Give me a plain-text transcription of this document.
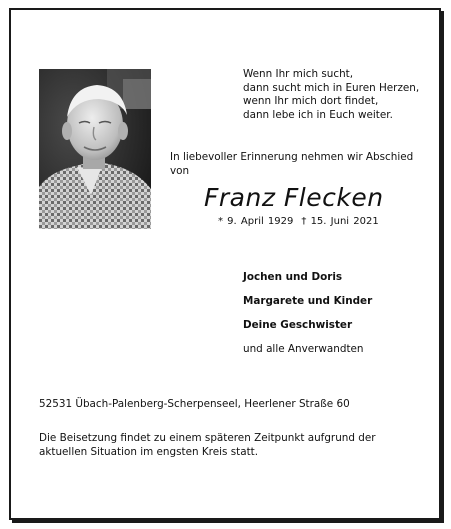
Wenn Ihr mich sucht,
dann sucht mich in Euren Herzen,
wenn Ihr mich dort findet,
dann lebe ich in Euch weiter.
In liebevoller Erinnerung nehmen wir Abschied von
Franz Flecken
* 9. April 1929 † 15. Juni 2021
Jochen und Doris
Margarete und Kinder
Deine Geschwister
und alle Anverwandten
52531 Übach-Palenberg-Scherpenseel, Heerlener Straße 60
Die Beisetzung findet zu einem späteren Zeitpunkt aufgrund der aktuellen Situation im engsten Kreis statt.
